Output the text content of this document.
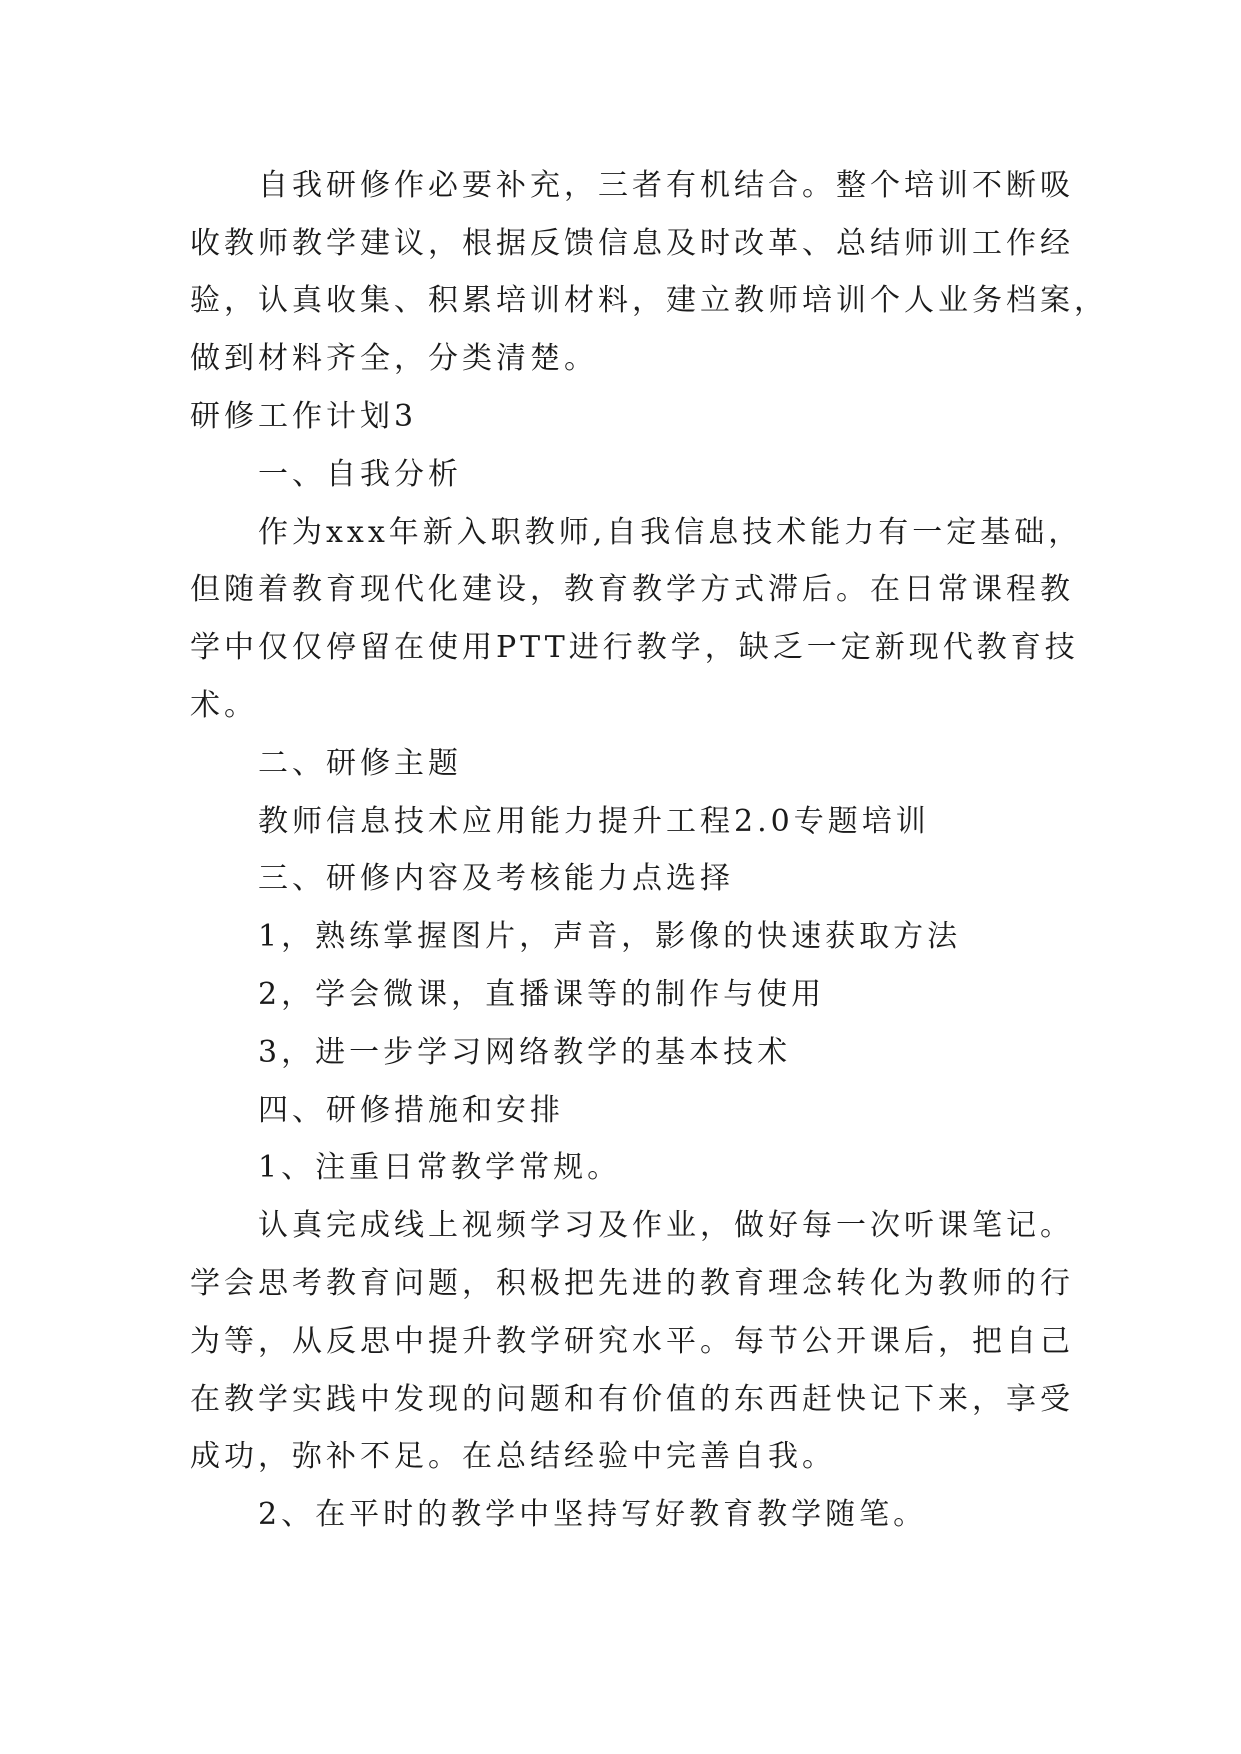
自我研修作必要补充，三者有机结合。整个培训不断吸

收教师教学建议，根据反馈信息及时改革、总结师训工作经

验，认真收集、积累培训材料，建立教师培训个人业务档案，

做到材料齐全，分类清楚。

研修工作计划3

一、自我分析

作为xxx年新入职教师,自我信息技术能力有一定基础，

但随着教育现代化建设，教育教学方式滞后。在日常课程教

学中仅仅停留在使用PTT进行教学，缺乏一定新现代教育技

术。

二、研修主题

教师信息技术应用能力提升工程2.0专题培训

三、研修内容及考核能力点选择

1，熟练掌握图片，声音，影像的快速获取方法

2，学会微课，直播课等的制作与使用

3，进一步学习网络教学的基本技术

四、研修措施和安排

1、注重日常教学常规。

认真完成线上视频学习及作业，做好每一次听课笔记。

学会思考教育问题，积极把先进的教育理念转化为教师的行

为等，从反思中提升教学研究水平。每节公开课后，把自己

在教学实践中发现的问题和有价值的东西赶快记下来，享受

成功，弥补不足。在总结经验中完善自我。

2、在平时的教学中坚持写好教育教学随笔。
